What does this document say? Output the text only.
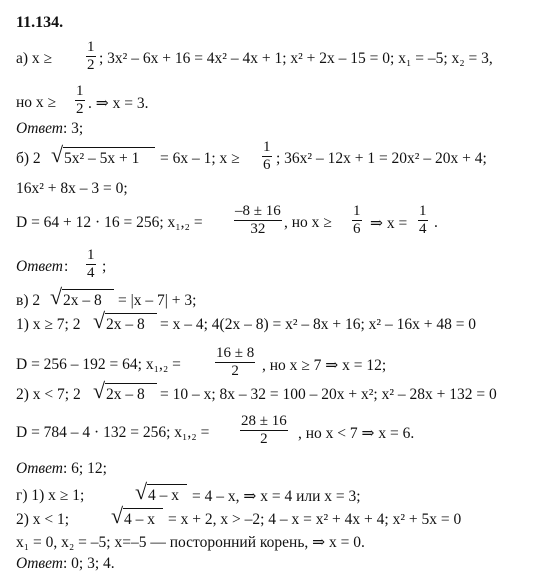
11.134.
а) x ≥
1
2 ; 3x² – 6x + 16 = 4x² – 4x + 1; x² + 2x – 15 = 0; x₁ = –5; x₂ = 3,
но x ≥
1
2 . ⇒ x = 3.
Ответ: 3;
б) 2 √ 5x² – 5x + 1 = 6x – 1; x ≥
1
6 ; 36x² – 12x + 1 = 20x² – 20x + 4;
16x² + 8x – 3 = 0;
D = 64 + 12 · 16 = 256; x₁,₂ =
–8 ± 16
32	, но x ≥
1
6 ⇒ x =
1
4 .
Ответ :
1
4 ;
в) 2 √ 2x – 8 = |x – 7| + 3;
1) x ≥ 7; 2 √ 2x – 8 = x – 4; 4(2x – 8) = x² – 8x + 16; x² – 16x + 48 = 0
D = 256 – 192 = 64; x₁,₂ =
16 ± 8
2	, но x ≥ 7 ⇒ x = 12;
2) x < 7; 2 √ 2x – 8 = 10 – x; 8x – 32 = 100 – 20x + x²; x² – 28x + 132 = 0
D = 784 – 4 · 132 = 256; x₁,₂ =
28 ± 16
2	, но x < 7 ⇒ x = 6.
Ответ: 6; 12;
г) 1) x ≥ 1; √ 4 – x = 4 – x, ⇒ x = 4 или x = 3;
2) x < 1; √ 4 – x = x + 2, x > –2; 4 – x = x² + 4x + 4; x² + 5x = 0
x₁ = 0, x₂ = –5; x=–5 — посторонний корень, ⇒ x = 0.
Ответ: 0; 3; 4.
